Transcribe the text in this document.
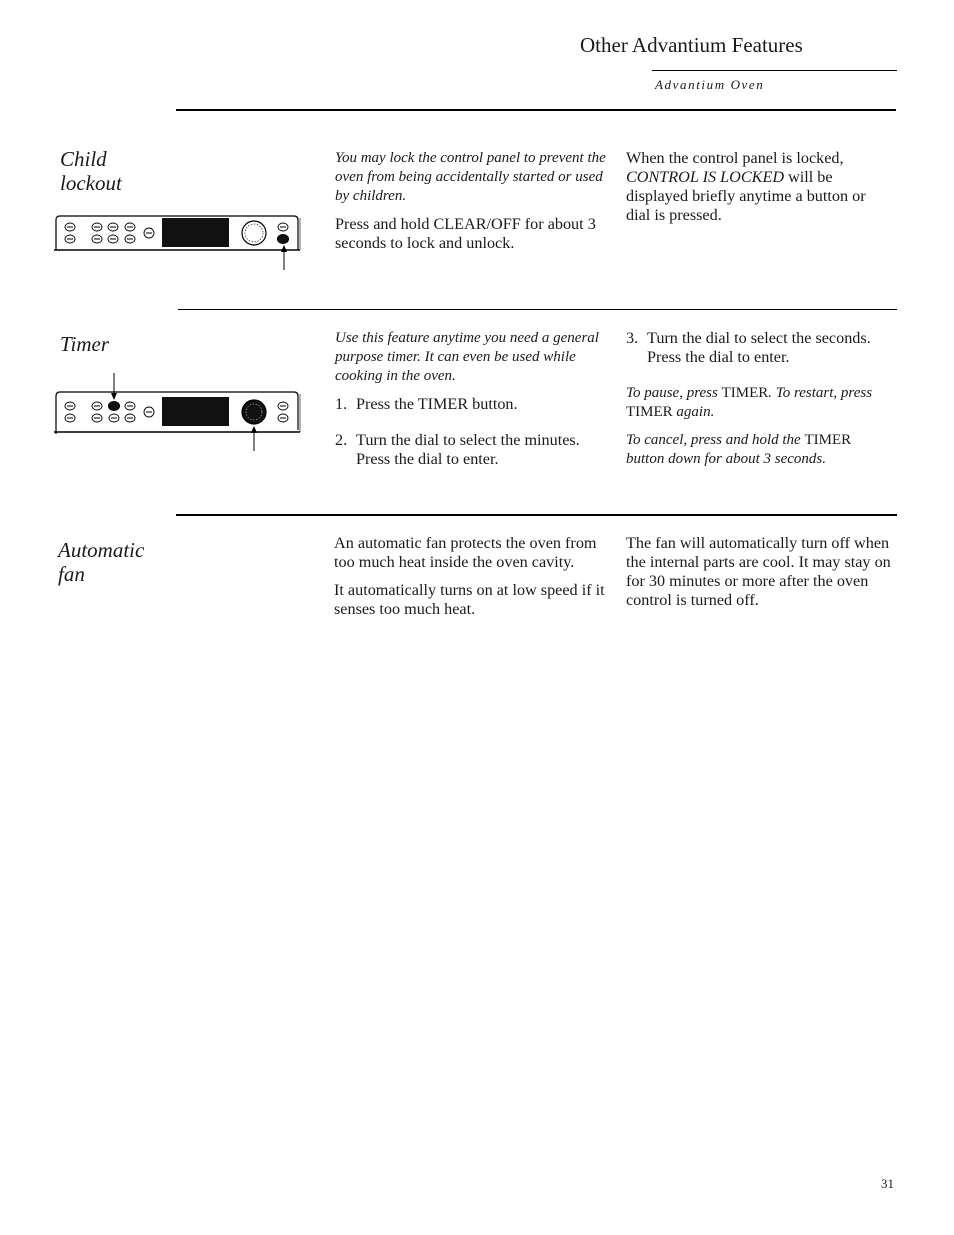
Other Advantium Features
Advantium Oven
Child
lockout

You may lock the control panel to prevent the oven from being accidentally started or used by children.

Press and hold CLEAR/OFF for about 3 seconds to lock and unlock.

When the control panel is locked, CONTROL IS LOCKED will be displayed briefly anytime a button or dial is pressed.

Timer	Use this feature anytime you need a general purpose timer. It can even be used while cooking in the oven.

1. Press the TIMER button.
2. Turn the dial to select the minutes. Press the dial to enter.
3. Turn the dial to select the seconds. Press the dial to enter.

To pause, press TIMER. To restart, press TIMER again.

To cancel, press and hold the TIMER button down for about 3 seconds.

Automatic
fan

An automatic fan protects the oven from too much heat inside the oven cavity.

It automatically turns on at low speed if it senses too much heat.

The fan will automatically turn off when the internal parts are cool. It may stay on for 30 minutes or more after the oven control is turned off.

31
